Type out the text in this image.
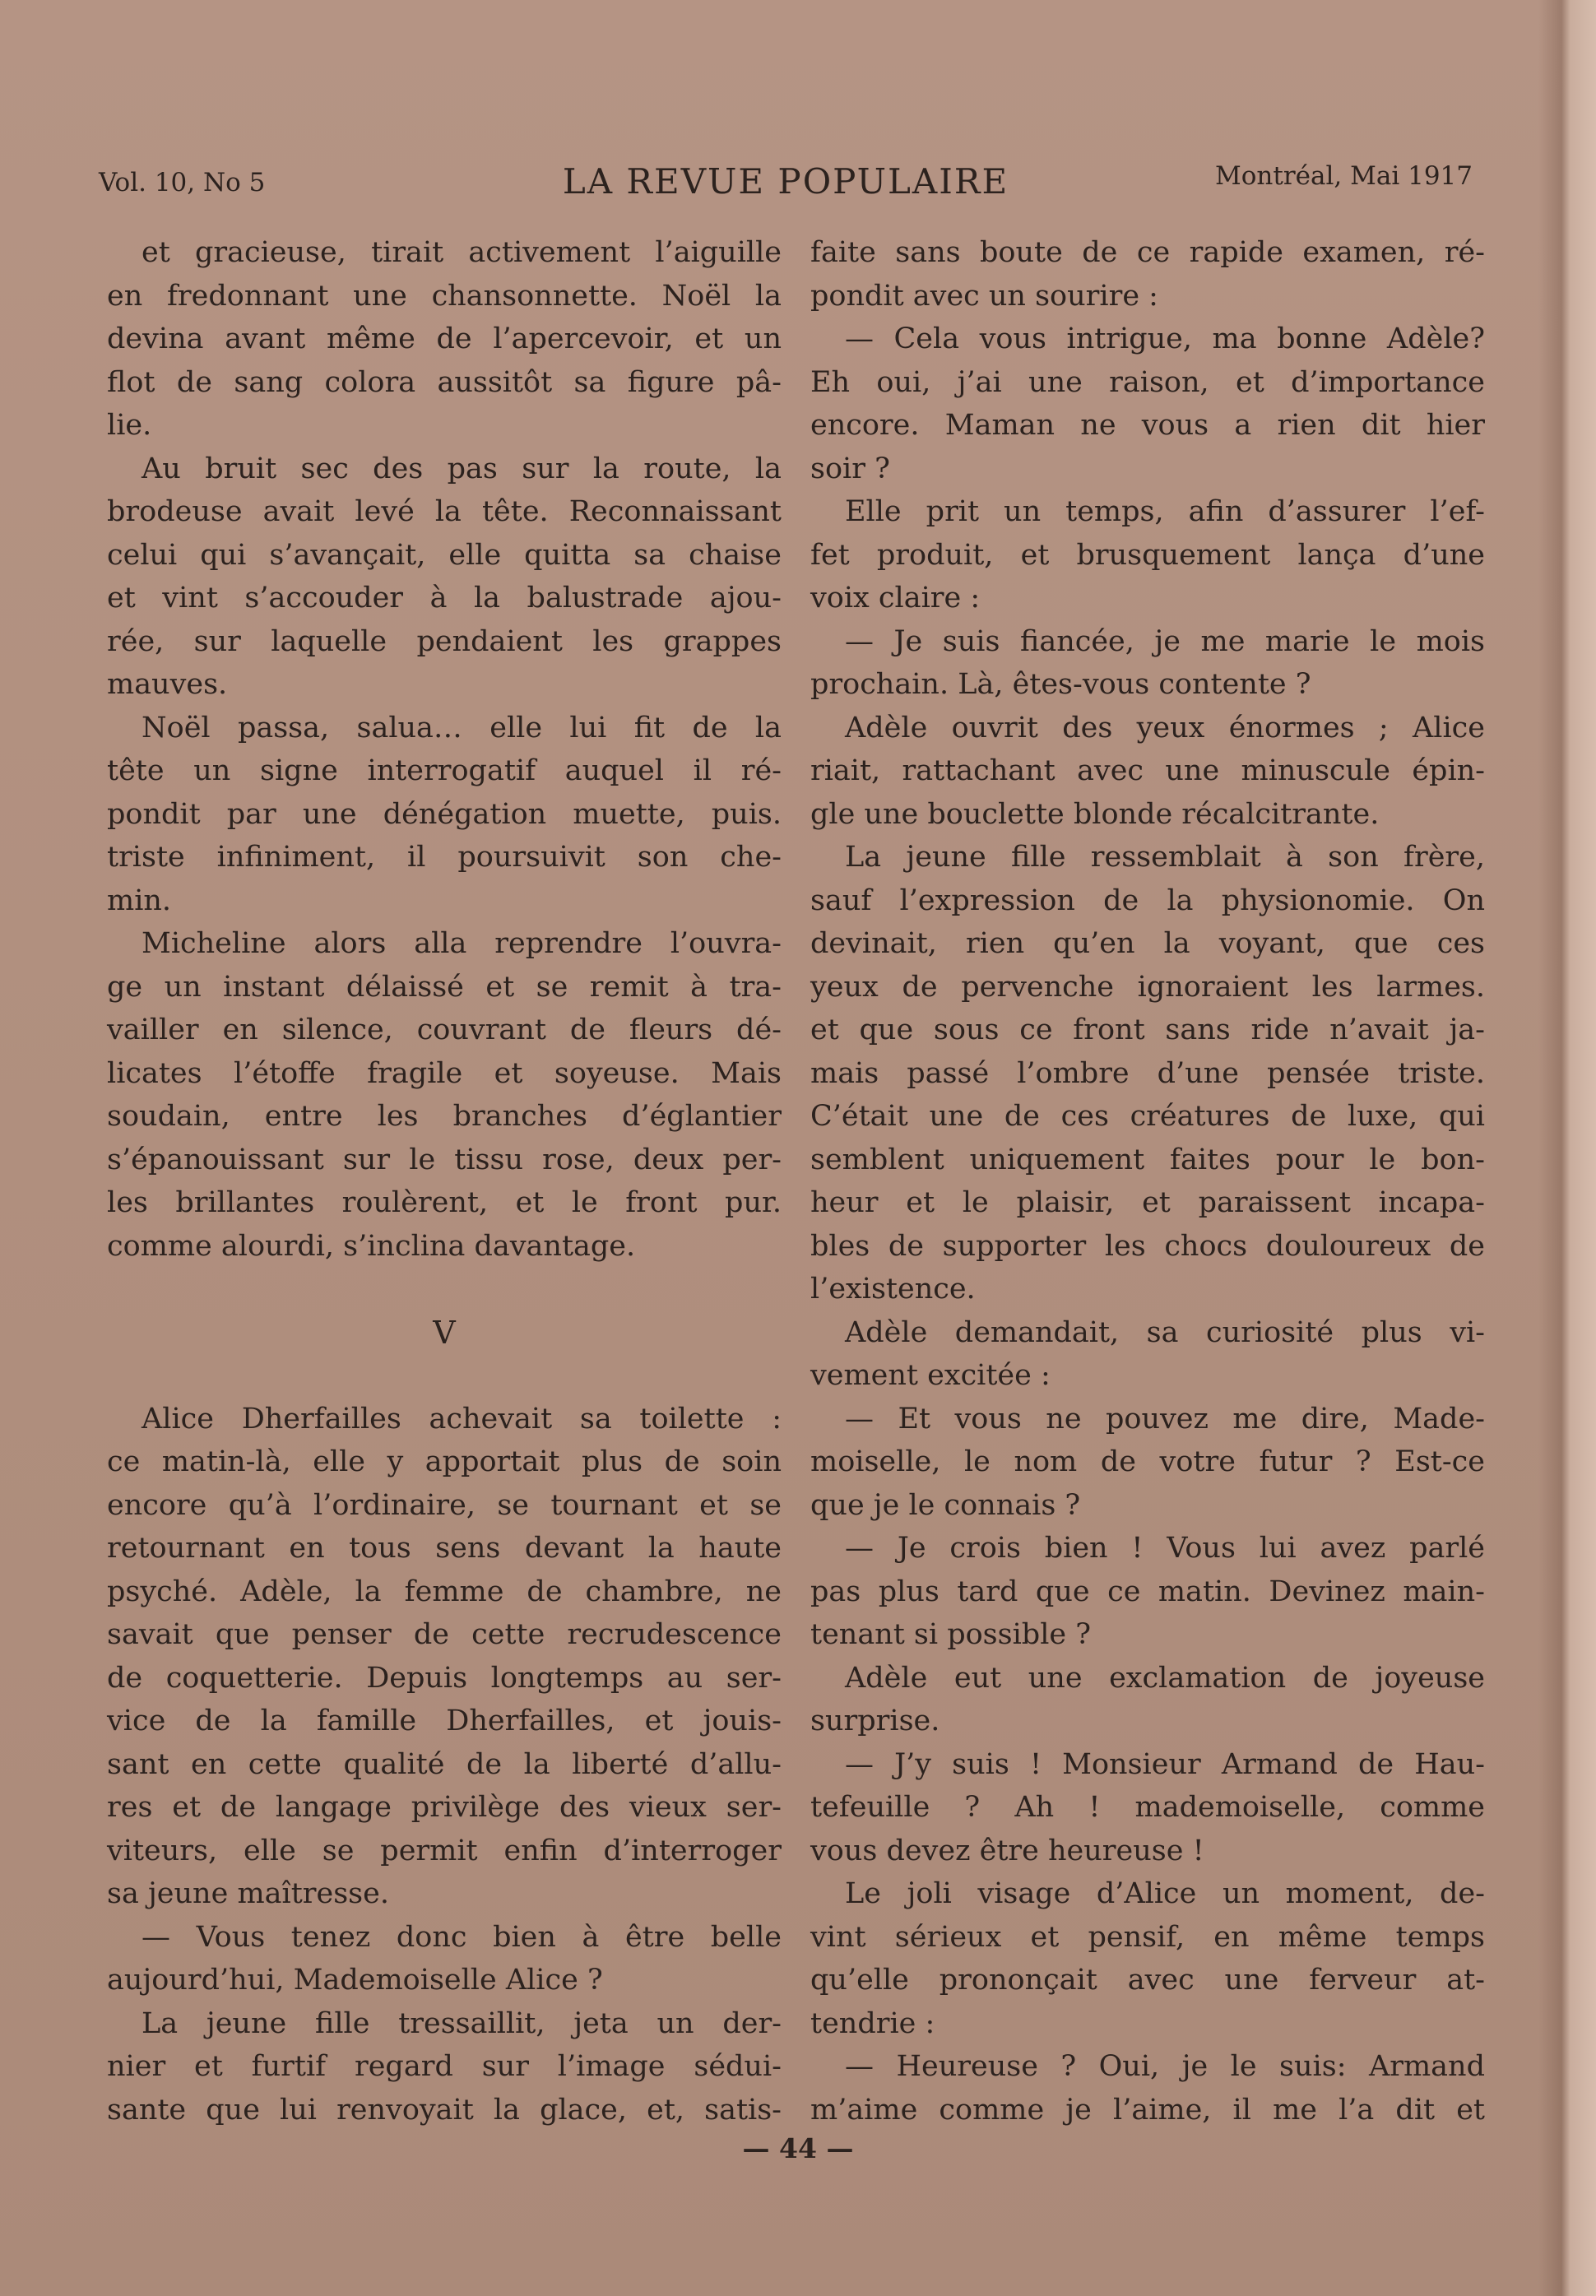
Vol. 10, No 5	LA REVUE POPULAIRE	Montréal, Mai 1917
et gracieuse, tirait activement l’aiguille
en fredonnant une chansonnette. Noël la
devina avant même de l’apercevoir, et un
flot de sang colora aussitôt sa figure pâ-
lie.
Au bruit sec des pas sur la route, la
brodeuse avait levé la tête. Reconnaissant
celui qui s’avançait, elle quitta sa chaise
et vint s’accouder à la balustrade ajou-
rée, sur laquelle pendaient les grappes
mauves.
Noël passa, salua… elle lui fit de la
tête un signe interrogatif auquel il ré-
pondit par une dénégation muette, puis.
triste infiniment, il poursuivit son che-
min.
Micheline alors alla reprendre l’ouvra-
ge un instant délaissé et se remit à tra-
vailler en silence, couvrant de fleurs dé-
licates l’étoffe fragile et soyeuse. Mais
soudain, entre les branches d’églantier
s’épanouissant sur le tissu rose, deux per-
les brillantes roulèrent, et le front pur.
comme alourdi, s’inclina davantage.
V
Alice Dherfailles achevait sa toilette :
ce matin-là, elle y apportait plus de soin
encore qu’à l’ordinaire, se tournant et se
retournant en tous sens devant la haute
psyché. Adèle, la femme de chambre, ne
savait que penser de cette recrudescence
de coquetterie. Depuis longtemps au ser-
vice de la famille Dherfailles, et jouis-
sant en cette qualité de la liberté d’allu-
res et de langage privilège des vieux ser-
viteurs, elle se permit enfin d’interroger
sa jeune maîtresse.
— Vous tenez donc bien à être belle
aujourd’hui, Mademoiselle Alice ?
La jeune fille tressaillit, jeta un der-
nier et furtif regard sur l’image sédui-
sante que lui renvoyait la glace, et, satis-
faite sans boute de ce rapide examen, ré-
pondit avec un sourire :
— Cela vous intrigue, ma bonne Adèle?
Eh oui, j’ai une raison, et d’importance
encore. Maman ne vous a rien dit hier
soir ?
Elle prit un temps, afin d’assurer l’ef-
fet produit, et brusquement lança d’une
voix claire :
— Je suis fiancée, je me marie le mois
prochain. Là, êtes-vous contente ?
Adèle ouvrit des yeux énormes ; Alice
riait, rattachant avec une minuscule épin-
gle une bouclette blonde récalcitrante.
La jeune fille ressemblait à son frère,
sauf l’expression de la physionomie. On
devinait, rien qu’en la voyant, que ces
yeux de pervenche ignoraient les larmes.
et que sous ce front sans ride n’avait ja-
mais passé l’ombre d’une pensée triste.
C’était une de ces créatures de luxe, qui
semblent uniquement faites pour le bon-
heur et le plaisir, et paraissent incapa-
bles de supporter les chocs douloureux de
l’existence.
Adèle demandait, sa curiosité plus vi-
vement excitée :
— Et vous ne pouvez me dire, Made-
moiselle, le nom de votre futur ? Est-ce
que je le connais ?
— Je crois bien ! Vous lui avez parlé
pas plus tard que ce matin. Devinez main-
tenant si possible ?
Adèle eut une exclamation de joyeuse
surprise.
— J’y suis ! Monsieur Armand de Hau-
tefeuille ? Ah ! mademoiselle, comme
vous devez être heureuse !
Le joli visage d’Alice un moment, de-
vint sérieux et pensif, en même temps
qu’elle prononçait avec une ferveur at-
tendrie :
— Heureuse ? Oui, je le suis: Armand
m’aime comme je l’aime, il me l’a dit et
— 44 —
